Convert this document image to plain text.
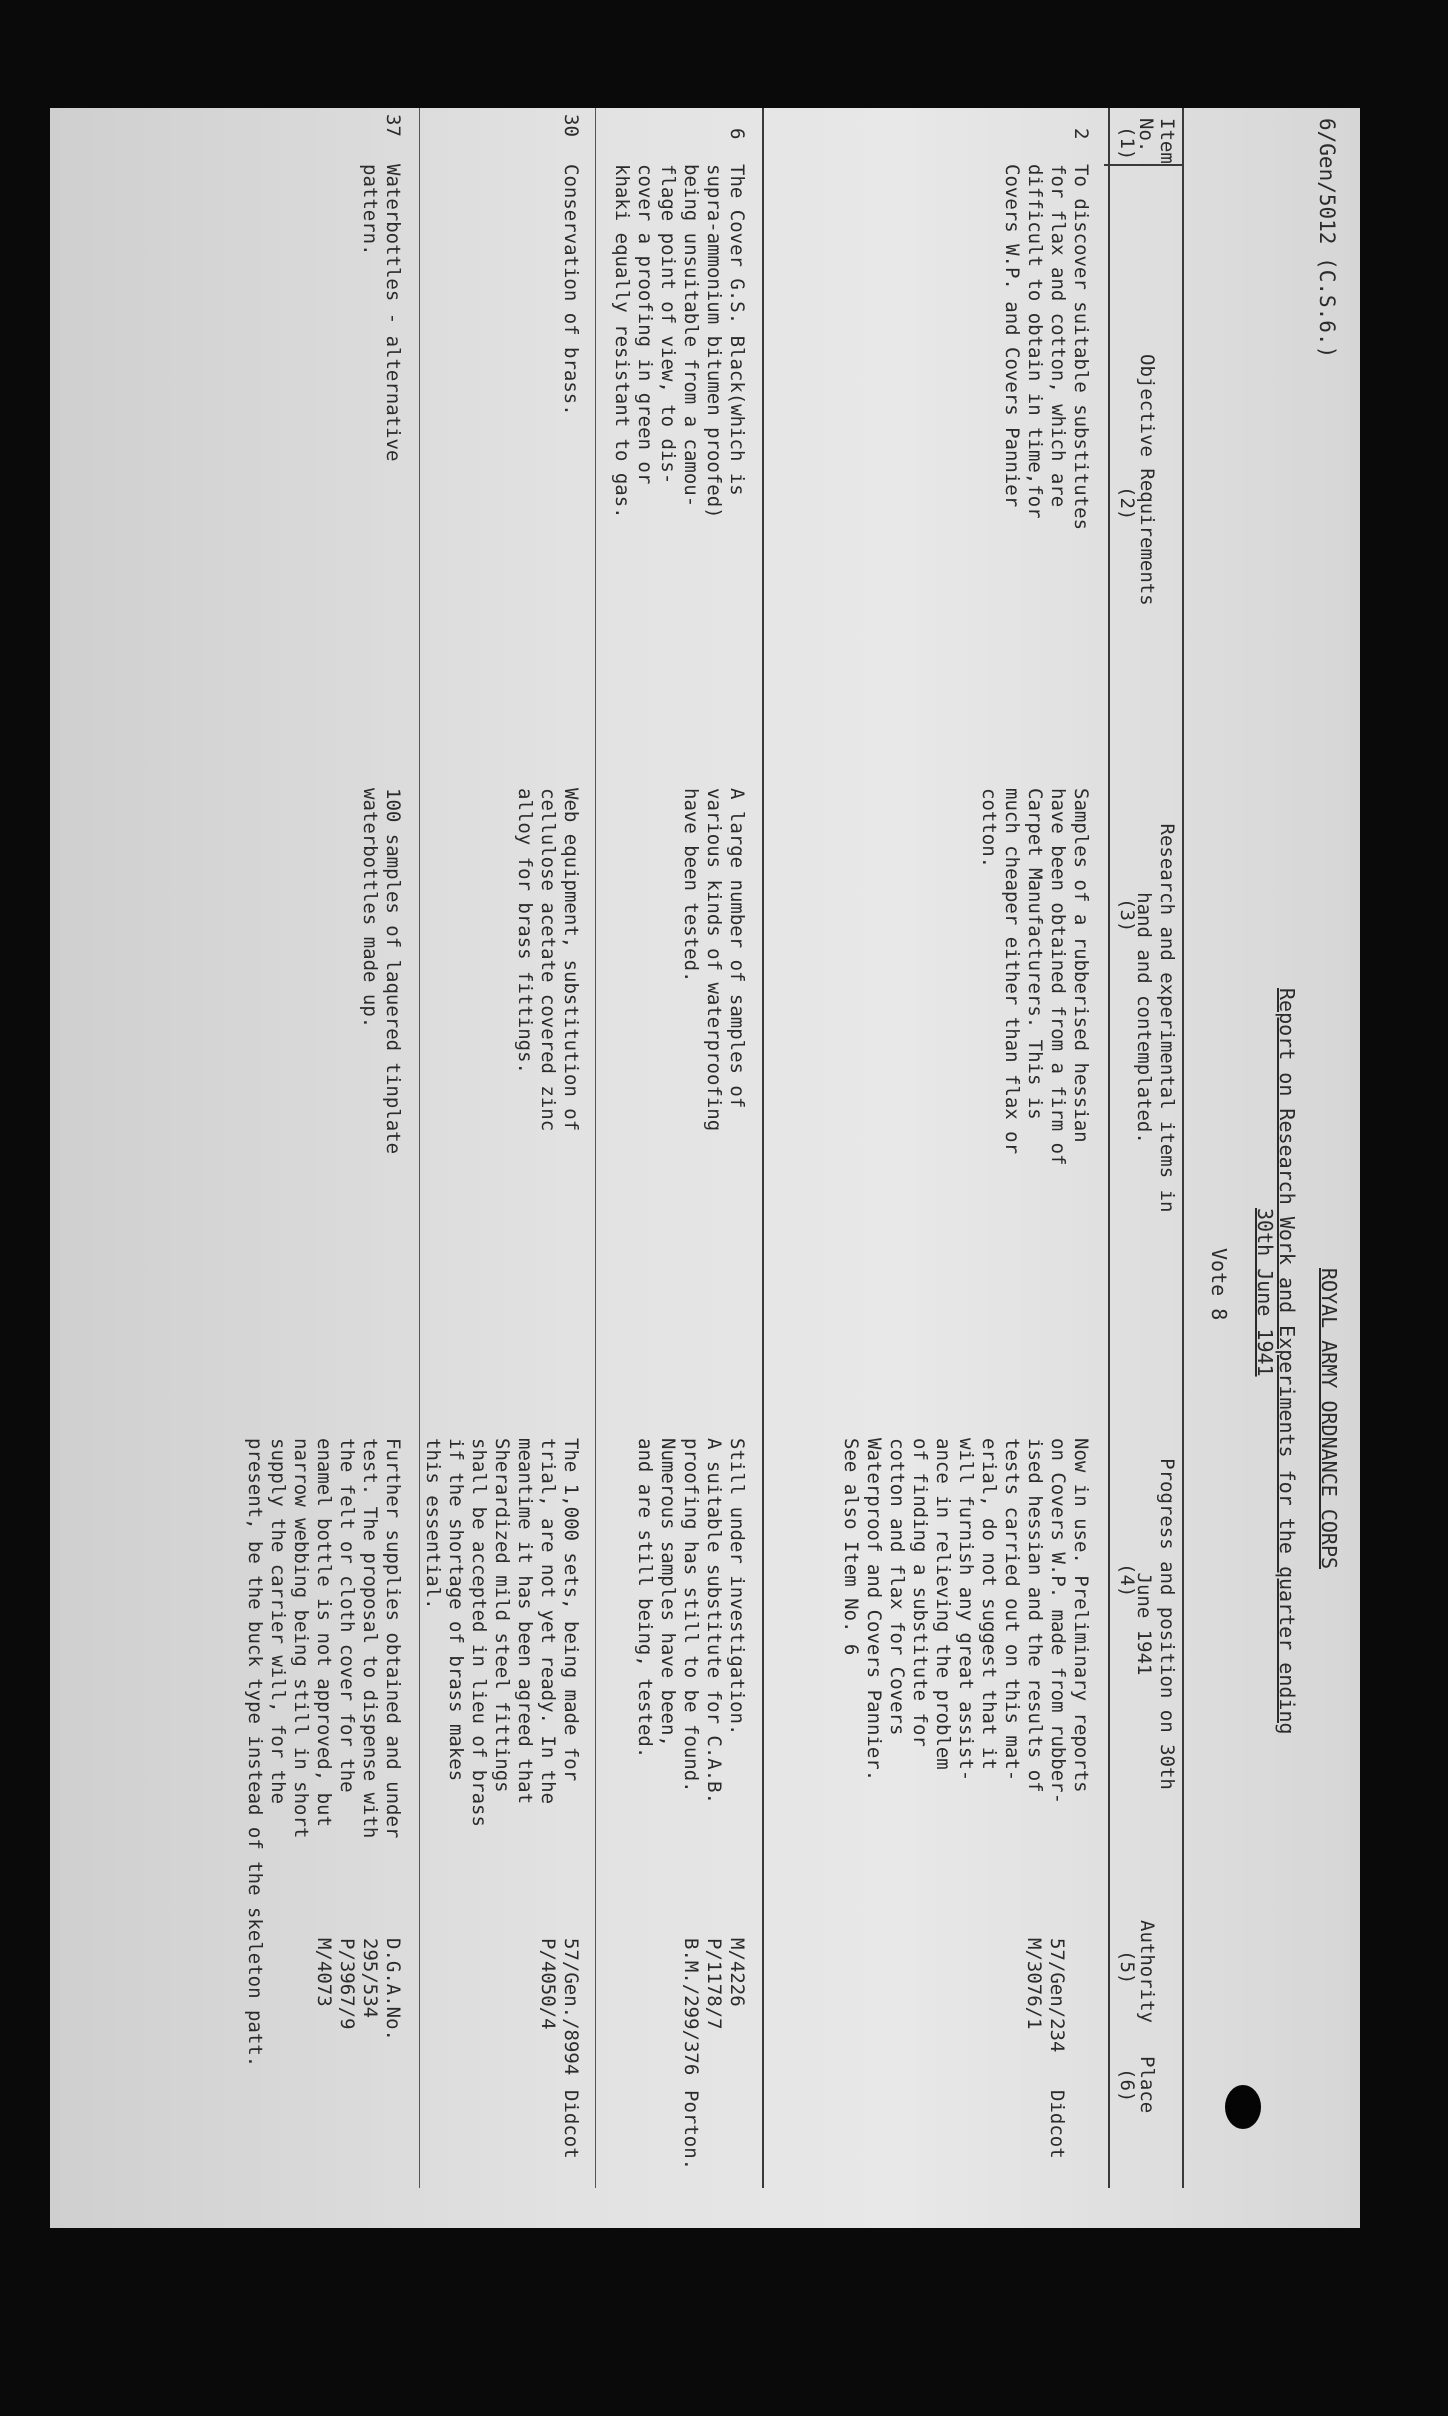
6/Gen/5012 (C.S.6.)
ROYAL ARMY ORDNANCE CORPS
Report on Research Work and Experiments for the quarter ending
30th June 1941
Vote 8
Item
No.
(1)
Objective Requirements
(2)
Research and experimental items in hand and contemplated.
(3)
Progress and position on 30th June 1941
(4)
Authority
(5)
Place
(6)
2
To discover suitable substitutes
for flax and cotton, which are
difficult to obtain in time,for
Covers W.P. and Covers Pannier
Samples of a rubberised hessian
have been obtained from a firm of
Carpet Manufacturers. This is
much cheaper either than flax or
cotton.
Now in use. Preliminary reports
on Covers W.P. made from rubber-
ised hessian and the results of
tests carried out on this mat-
erial, do not suggest that it
will furnish any great assist-
ance in relieving the problem
of finding a substitute for
cotton and flax for Covers
Waterproof and Covers Pannier.
See also Item No. 6
57/Gen/234
M/3076/1
Didcot
6
The Cover G.S. Black(which is
supra-ammonium bitumen proofed)
being unsuitable from a camou-
flage point of view, to dis-
cover a proofing in green or
khaki equally resistant to gas.
A large number of samples of
various kinds of waterproofing
have been tested.
Still under investigation.
A suitable substitute for C.A.B.
proofing has still to be found.
Numerous samples have been,
and are still being, tested.
M/4226
P/1178/7
B.M./299/376
Porton.
30
Conservation of brass.
Web equipment, substitution of
cellulose acetate covered zinc
alloy for brass fittings.
The 1,000 sets, being made for
trial, are not yet ready. In the
meantime it has been agreed that
Sherardized mild steel fittings
shall be accepted in lieu of brass
if the shortage of brass makes
this essential.
57/Gen./8994
P/4050/4
Didcot
37
Waterbottles - alternative
pattern.
100 samples of laquered tinplate
waterbottles made up.
Further supplies obtained and under
test. The proposal to dispense with
the felt or cloth cover for the
enamel bottle is not approved, but
narrow webbing being still in short
supply the carrier will, for the
present, be the buck type instead of the skeleton patt.	D.G.A.No.
295/534
P/3967/9
M/4073
